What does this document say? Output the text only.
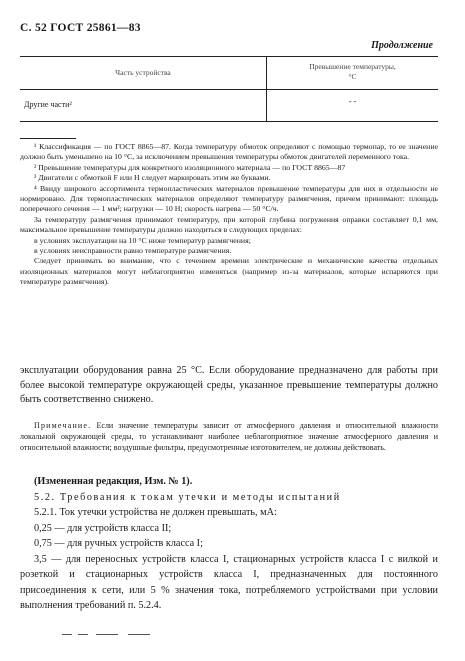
С. 52 ГОСТ 25861—83
Продолжение
Часть устройства
Превышение температуры,
°С
Другие части²	- -

¹ Классификация — по ГОСТ 8865—87. Когда температуру обмоток определяют с помощью термопар, то ее значение должно быть уменьшено на 10 °С, за исключением превышения температуры обмоток двигателей переменного тока.

² Превышение температуры для конкретного изоляционного материала — по ГОСТ 8865—87

³ Двигатели с обмоткой F или Н следует маркировать этим же буквами.

⁴ Ввиду широкого ассортимента термопластических материалов превышение температуры для них в отдельности не нормировано. Для термопластических материалов определяют температуру размягчения, причем принимают: площадь поперечного сечения — 1 мм²; нагрузки — 10 Н; скорость нагрева — 50 °С/ч.

За температуру размягчения принимают температуру, при которой глубина погружения оправки составляет 0,1 мм, максимальное превышение температуры должно находиться в следующих пределах:

в условиях эксплуатации на 10 °С ниже температур размягчения;

в условиях неисправности равно температуре размягчения.

Следует принимать во внимание, что с течением времени электрические и механические качества отдельных изоляционных материалов могут неблагоприятно изменяться (например из-за материалов, которые испаряются при температуре размягчения).

эксплуатации оборудования равна 25 °С. Если оборудование предназначено для работы при более высокой температуре окружающей среды, указанное превышение температуры должно быть соответственно снижено.

Примечание. Если значение температуры зависит от атмосферного давления и относительной влажности локальной окружающей среды, то устанавливают наиболее неблагоприятное значение атмосферного давления и относительной влажности; воздушные фильтры, предусмотренные изготовителем, не должны действовать.

(Измененная редакция, Изм. № 1).

5.2. Требования к токам утечки и методы испытаний

5.2.1. Ток утечки устройства не должен превышать, мА:

0,25 — для устройств класса II;

0,75 — для ручных устройств класса I;

3,5 — для переносных устройств класса I, стационарных устройств класса I с вилкой и розеткой и стационарных устройств класса I, предназначенных для постоянного присоединения к сети, или 5 % значения тока, потребляемого устройствами при условии выполнения требований п. 5.2.4.
